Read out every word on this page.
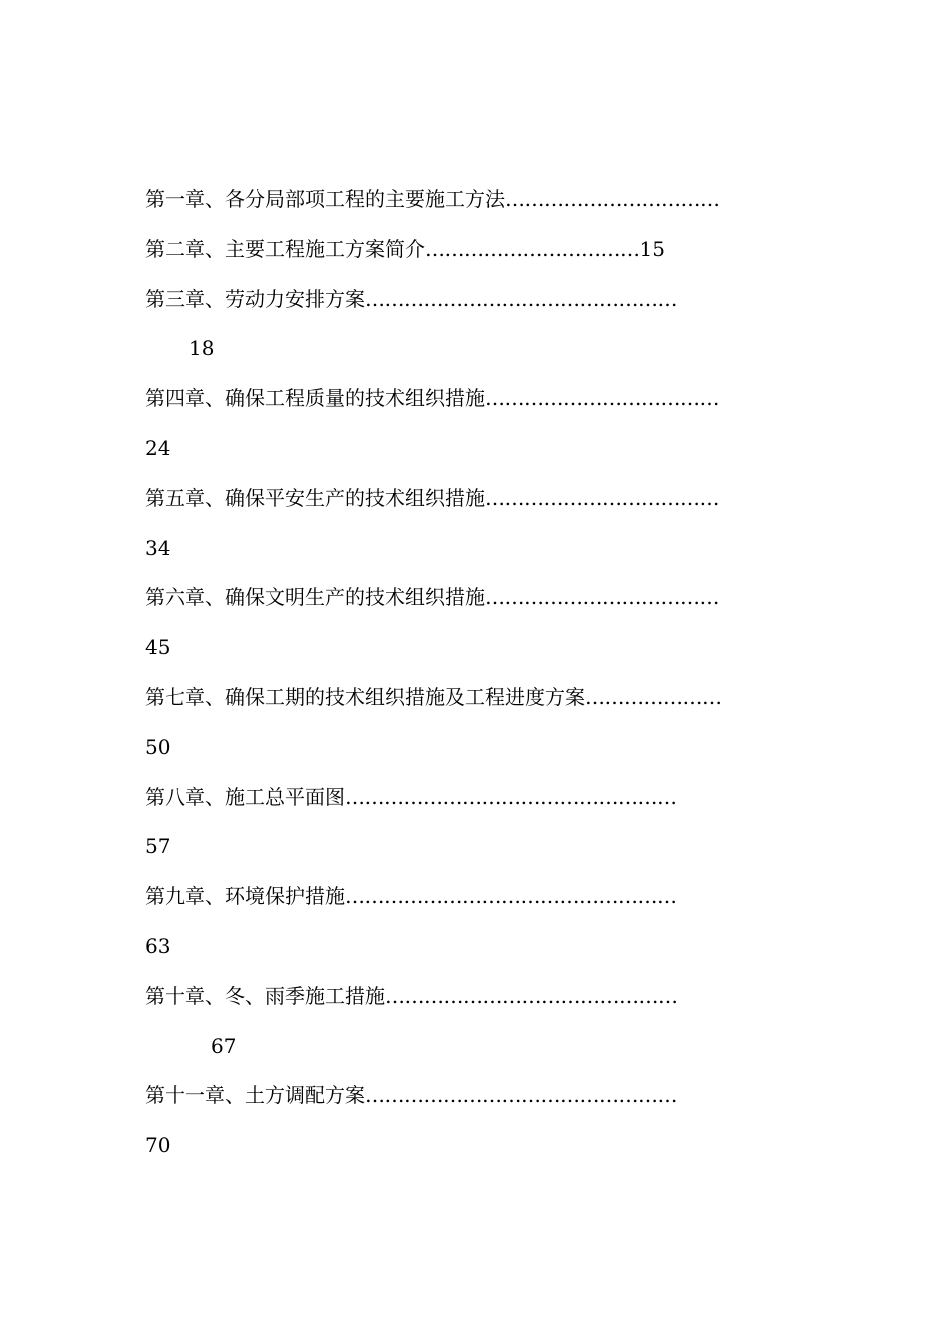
第一章、各分局部项工程的主要施工方法……………………………
第二章、主要工程施工方案简介……………………………15
第三章、劳动力安排方案…………………………………………
18
第四章、确保工程质量的技术组织措施………………………………
24
第五章、确保平安生产的技术组织措施………………………………
34
第六章、确保文明生产的技术组织措施………………………………
45
第七章、确保工期的技术组织措施及工程进度方案…………………
50
第八章、施工总平面图……………………………………………
57
第九章、环境保护措施……………………………………………
63
第十章、冬、雨季施工措施………………………………………
67
第十一章、土方调配方案…………………………………………
70
